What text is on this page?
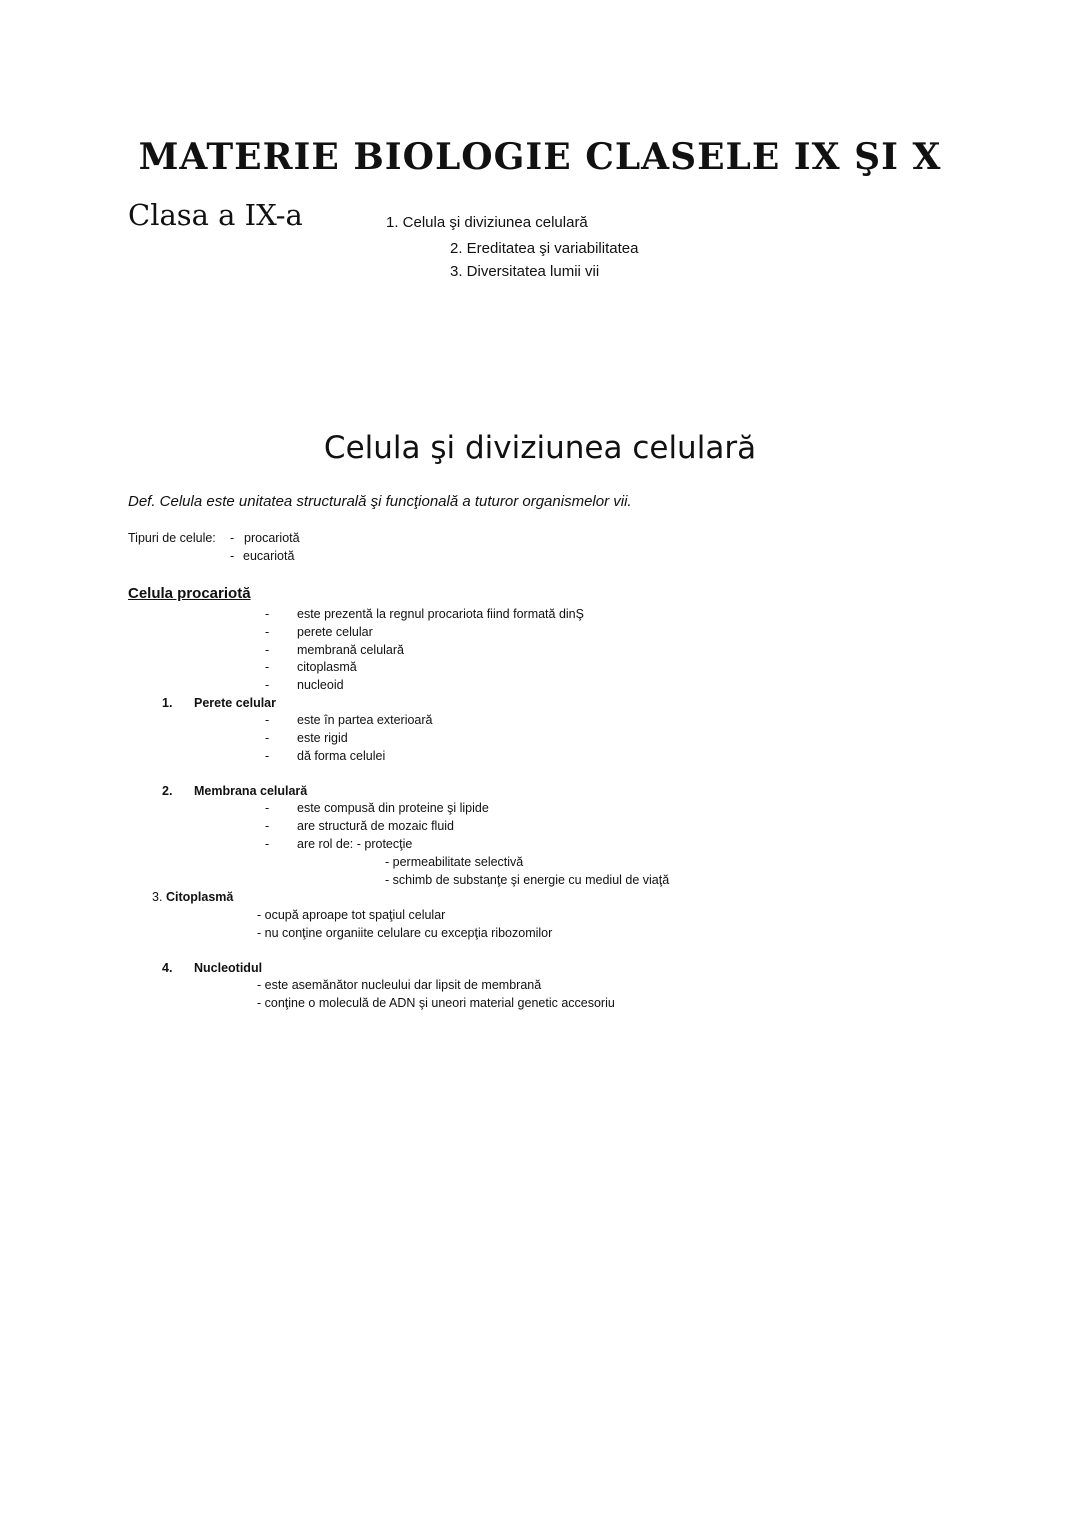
MATERIE BIOLOGIE CLASELE IX ŞI X
Clasa a IX-a	1. Celula şi diviziunea celulară
2. Ereditatea şi variabilitatea
3. Diversitatea lumii vii
Celula şi diviziunea celulară
Def. Celula este unitatea structurală şi funcţională a tuturor organismelor vii.
Tipuri de celule: - procariotă
- eucariotă
Celula procariotă
- este prezentă la regnul procariota fiind formată dinŞ
- perete celular
- membrană celulară
- citoplasmă
- nucleoid
1. Perete celular
- este în partea exterioară
- este rigid
- dă forma celulei
2. Membrana celulară
- este compusă din proteine şi lipide
- are structură de mozaic fluid
- are rol de: - protecţie
- permeabilitate selectivă
- schimb de substanţe şi energie cu mediul de viaţă
3. Citoplasmă
- ocupă aproape tot spaţiul celular
- nu conţine organiite celulare cu excepţia ribozomilor
4. Nucleotidul
- este asemănător nucleului dar lipsit de membrană
- conţine o moleculă de ADN şi uneori material genetic accesoriu
